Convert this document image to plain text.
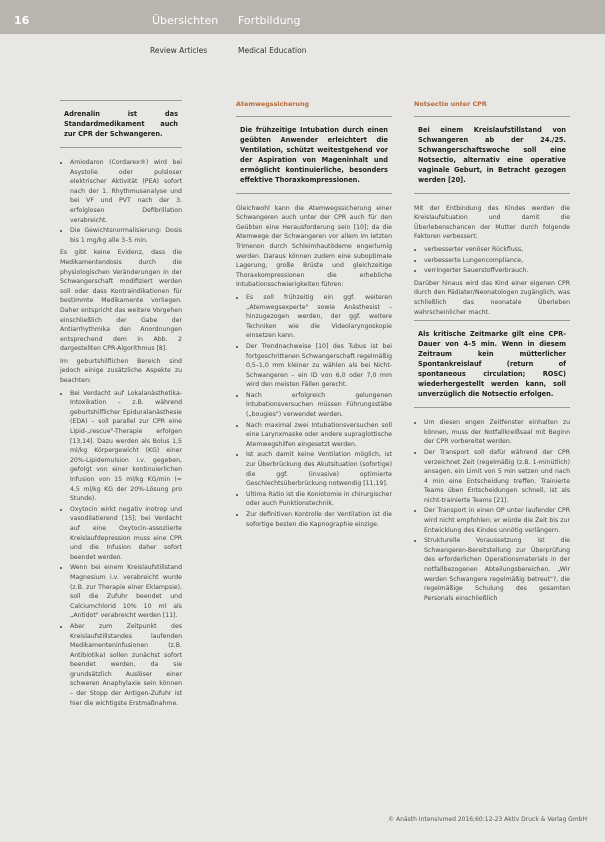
16	Übersichten Fortbildung
Review Articles	Medical Education
Adrenalin ist das Standardmedikament auch zur CPR der Schwangeren.
• Amiodaron (Cordarex®) wird bei Asystolie oder pulsloser elektrischer Aktivität (PEA) sofort nach der 1. Rhythmusanalyse und bei VF und PVT nach der 3. erfolglosen Defibrillation verabreicht.
• Die Gewichtsnormalisierung: Dosis bis 1 mg/kg alle 3–5 min.

Es gibt keine Evidenz, dass die Medikamentendosis durch die physiologischen Veränderungen in der Schwangerschaft modifiziert werden soll oder dass Kontraindikationen für bestimmte Medikamente vorliegen. Daher entspricht das weitere Vorgehen einschließlich der Gabe der Antiarrhythmika den Anordnungen entsprechend dem in Abb. 2 dargestellten CPR-Algorithmus [8].

Im geburtshilflichen Bereich sind jedoch einige zusätzliche Aspekte zu beachten:

• Bei Verdacht auf Lokalanästhetika-Intoxikation – z.B. während geburtshilflicher Epiduralanästhesie (EDA) – soll parallel zur CPR eine Lipid-„rescue"-Therapie erfolgen [13,14]. Dazu werden als Bolus 1,5 ml/kg Körpergewicht (KG) einer 20%-Lipidemulsion i.v. gegeben, gefolgt von einer kontinuierlichen Infusion von 15 ml/kg KG/min (= 4,5 ml/kg KG der 20%-Lösung pro Stunde).
• Oxytocin wirkt negativ inotrop und vasodilatierend [15]; bei Verdacht auf eine Oxytocin-assoziierte Kreislaufdepression muss eine CPR und die Infusion daher sofort beendet werden.
• Wenn bei einem Kreislaufstillstand Magnesium i.v. verabreicht wurde (z.B. zur Therapie einer Eklampsie), soll die Zufuhr beendet und Calciumchlorid 10% 10 ml als „Antidot" verabreicht werden [11].
• Aber zum Zeitpunkt des Kreislaufstillstandes laufenden Medikamenteninfusionen (z.B. Antibiotika) sollen zunächst sofort beendet werden, da sie grundsätzlich Auslöser einer schweren Anaphylaxie sein können – der Stopp der Antigen-Zufuhr ist hier die wichtigste Erstmaßnahme.
Atemwegssicherung
Die frühzeitige Intubation durch einen geübten Anwender erleichtert die Ventilation, schützt weitestgehend vor der Aspiration von Mageninhalt und ermöglicht kontinuierliche, besonders effektive Thoraxkompressionen.

Gleichwohl kann die Atemwegssicherung einer Schwangeren auch unter der CPR auch für den Geübten eine Herausforderung sein [10]; da die Atemwege der Schwangeren vor allem im letzten Trimenon durch Schleimhautödeme engerlumig werden. Daraus können zudem eine suboptimale Lagerung, große Brüste und gleichzeitige Thoraxkompressionen die erhebliche Intubationsschwierigkeiten führen:

• Es soll frühzeitig ein ggf. weiteren „Atemwegsexperte" sowie Anästhesist – hinzugezogen werden, der ggf. weitere Techniken wie die Videolaryngoskopie einsetzen kann.
• Der Trendnachweise [10] des Tubus ist bei fortgeschrittenen Schwangerschaft regelmäßig 0,5–1,0 mm kleiner zu wählen als bei Nicht-Schwangeren – ein ID von 6,0 oder 7,0 mm wird den meisten Fällen gerecht.
• Nach erfolgreich gelungenen Intubationsversuchen müssen Führungsstäbe („bougies") verwendet werden.
• Nach maximal zwei Intubationsversuchen soll eine Larynxmaske oder andere supraglottische Atemwegshilfen eingesetzt werden.
• Ist auch damit keine Ventilation möglich, ist zur Überbrückung des Akutsituation (sofortige) die ggf. (invasive) optimierte Geschlechtsüberbrückung notwendig [11,19].
• Ultima Ratio ist die Koniotomie in chirurgischer oder auch Punktionstechnik.
• Zur definitiven Kontrolle der Ventilation ist die sofortige besten die Kapnographie einzige.
Notsectio unter CPR
Bei einem Kreislaufstillstand von Schwangeren ab der 24./25. Schwangerschaftswoche soll eine Notsectio, alternativ eine operative vaginale Geburt, in Betracht gezogen werden [20].

Mit der Entbindung des Kindes werden die Kreislaufsituation und damit die Überlebenschancen der Mutter durch folgende Faktoren verbessert:

• verbesserter venöser Rückfluss,
• verbesserte Lungencompliance,
• verringerter Sauerstoffverbrauch.

Darüber hinaus wird das Kind einer eigenen CPR durch den Pädiater/Neonatologen zugänglich, was schließlich das neonatale Überleben wahrscheinlicher macht.

Als kritische Zeitmarke gilt eine CPR-Dauer von 4–5 min. Wenn in diesem Zeitraum kein mütterlicher Spontankreislauf (return of spontaneous circulation; ROSC) wiederhergestellt werden kann, soll unverzüglich die Notsectio erfolgen.
• Um diesen engen Zeitfenster einhalten zu können, muss der Notfallkreißsaal mit Beginn der CPR vorbereitet werden.
• Der Transport soll dafür während der CPR verzeichnet Zeit (regelmäßig (z.B. 1-minütlich) ansagen, ein Limit von 5 min setzen und nach 4 min eine Entscheidung treffen. Trainierte Teams üben Entscheidungen schnell, ist als nicht-trainierte Teams [21].
• Der Transport in einen OP unter laufender CPR wird nicht empfohlen; er würde die Zeit bis zur Entwicklung des Kindes unnötig verlängern.
• Strukturelle Voraussetzung ist die Schwangeren-Bereitstellung zur Überprüfung des erforderlichen Operationsmaterials in der notfallbezogenen Abteilungsbereichen. „Wir werden Schwangere regelmäßig betreut"?, die regelmäßige Schulung des gesamten Personals einschließlich
© Anästh Intensivmed 2016;60:12-23 Aktiv Druck & Verlag GmbH
